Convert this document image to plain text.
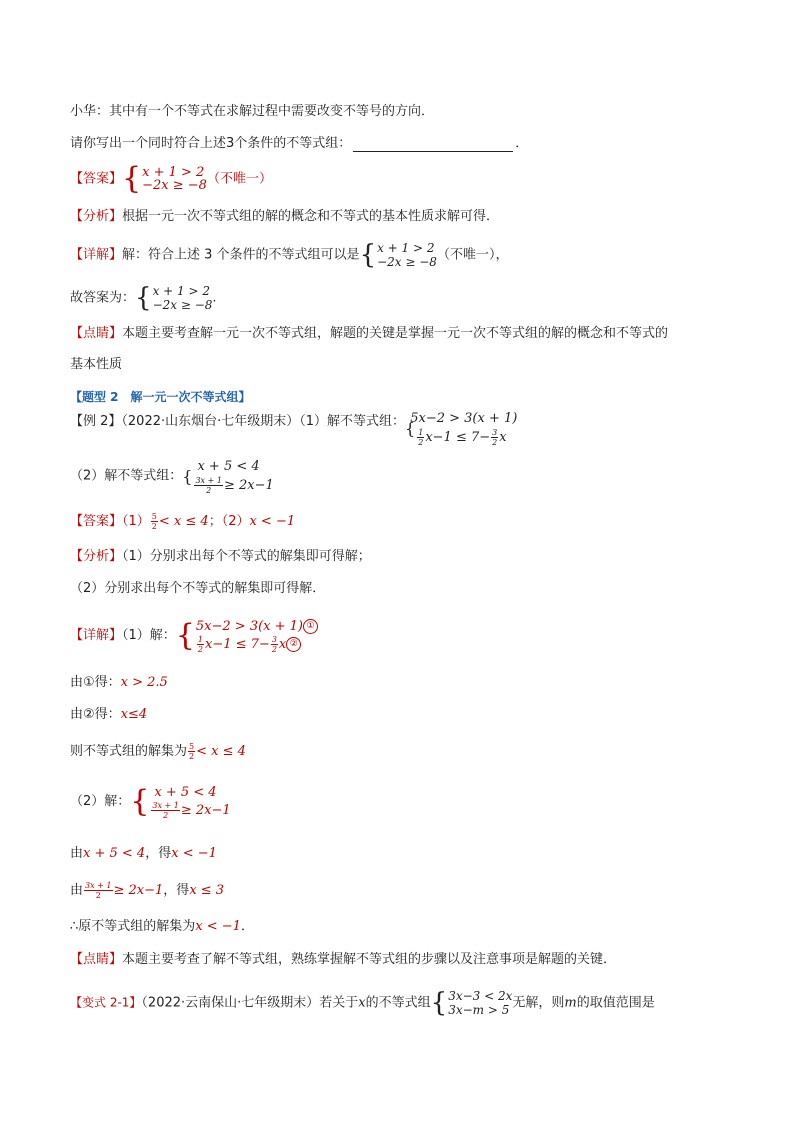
小华：其中有一个不等式在求解过程中需要改变不等号的方向．
请你写出一个同时符合上述3个条件的不等式组：	．
【答案】 { x + 1 > 2
−2x ≥ −8 （不唯一）
【分析】根据一元一次不等式组的解的概念和不等式的基本性质求解可得．
【详解】解：符合上述 3 个条件的不等式组可以是 { x + 1 > 2
−2x ≥ −8 （不唯一），
故答案为： { x + 1 > 2
−2x ≥ −8 .
【点睛】本题主要考查解一元一次不等式组，解题的关键是掌握一元一次不等式组的解的概念和不等式的
基本性质
【题型 2　解一元一次不等式组】
【例 2】（2022·山东烟台·七年级期末）（1）解不等式组： {
5x−2 > 3(x + 1)
$\frac{1}{2} x-1 \le 7- \frac{3}{2}$ x
（2）解不等式组： { x + 5 < 4
$\frac{3x + 1}{2} \ge 2x-1$
【答案】$(1) \frac{5}{2} < x \le 4$；（2）x < −1
【分析】（1）分别求出每个不等式的解集即可得解；
（2）分别求出每个不等式的解集即可得解．
【详解】（1）解： { 5x−2 > 3(x + 1) ①
$\frac{1}{2} x-1 \le 7- \frac{3}{2}$ x ②
由①得：x > 2.5
由②得：x≤4
则不等式组的解集为 $\frac{5}{2} < x \le 4$
（2）解： { x + 5 < 4
$\frac{3x + 1}{2} \ge 2x-1$
由x + 5 < 4，得x < −1
由 $\frac{3x + 1}{2} \ge 2x-1$，得x ≤ 3
∴原不等式组的解集为x < −1．
【点睛】本题主要考查了解不等式组，熟练掌握解不等式组的步骤以及注意事项是解题的关键．
【变式 2-1】（2022·云南保山·七年级期末）若关于x的不等式组 { 3x−3 < 2x
3x−m > 5 无解，则m的取值范围是
